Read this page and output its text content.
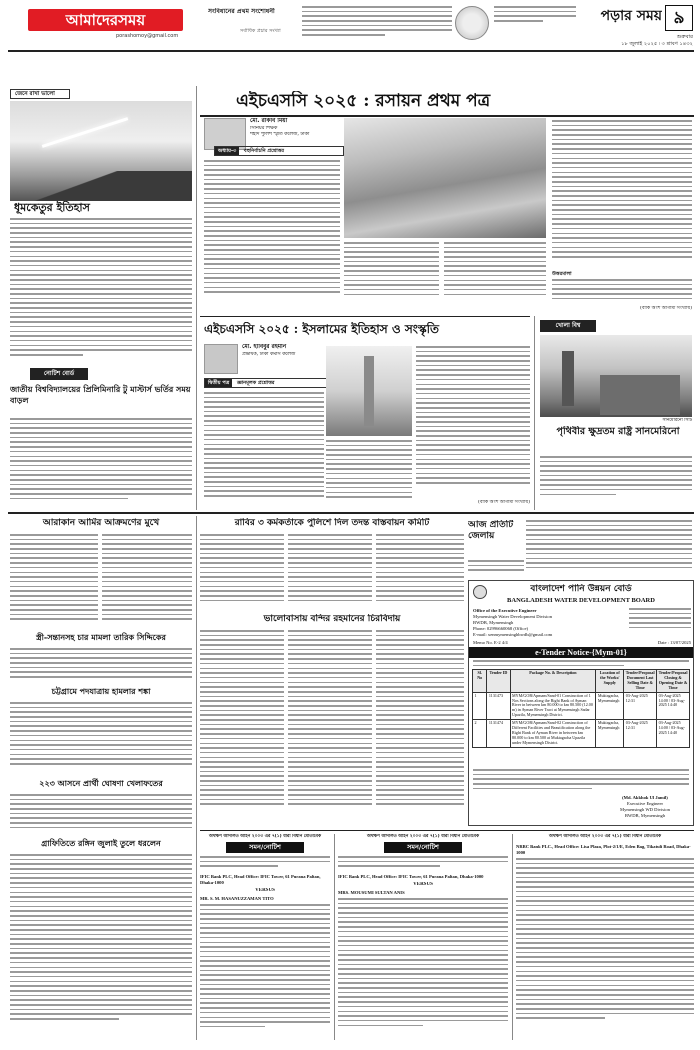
আমাদেরসময়
porashomoy@gmail.com
সংবিধানের প্রথম সংশোধনী
সর্বাধিক প্রচার সংখ্যা
পড়ার সময় ৯
শুক্রবার
১৮ জুলাই ২০২৫ ৷ ৩ শ্রাবণ ১৪৩২
জেনে রাখা ভালো
ধূমকেতুর ইতিহাস
নোটিশ বোর্ড
জাতীয় বিশ্ববিদ্যালয়ের প্রিলিমিনারি টু মাস্টার্স ভর্তির সময় বাড়ল
এইচএসসি ২০২৫ : রসায়ন প্রথম পত্র
মো. রাকীব মিয়া
সিনিয়র শিক্ষক
শহীদ পুলিশ স্মৃতি কলেজ, ঢাকা
অধ্যায়-৩ বহুনির্বাচনি প্রশ্নোত্তর
উত্তরমালা
(বাকি অংশ আগামী সংখ্যায়)
এইচএসসি ২০২৫ : ইসলামের ইতিহাস ও সংস্কৃতি
মো. হাবিবুর রহমান
প্রভাষক, ঢাকা কমার্স কলেজ
দ্বিতীয় পত্র জ্ঞানমূলক প্রশ্নোত্তর
(বাকি অংশ আগামী সংখ্যায়)
খোলা বিশ্ব
সানমেরিনো সিটি
পৃথিবীর ক্ষুদ্রতম রাষ্ট্র সানমেরিনো
আরাকান আর্মির আক্রমণের মুখে
স্ত্রী-সন্তানসহ চার মামলা তারিক সিদ্দিকের
চট্টগ্রামে পদযাত্রায় হামলার শঙ্কা
২২৩ আসনে প্রার্থী ঘোষণা খেলাফতের
গ্রাফিতিতে রঙ্গিন জুলাই তুলে ধরলেন
রাবির ৩ কর্মকর্তাকে পুলিশে দিল তদন্ত বাস্তবায়ন কমিটি	আজ প্রতিটি জেলায়
ভালোবাসায় বন্দির রহমানের চিরবিদায়
বাংলাদেশ পানি উন্নয়ন বোর্ড
BANGLADESH WATER DEVELOPMENT BOARD
Office of the Executive Engineer
Mymensingh Water Development Division
BWDB, Mymensingh
Phone: 02996660068 (Office)
E-mail: xenmymensinghbwdb@gmail.com
Memo No. E-2 4/4	Date : 13/07/2025
e-Tender Notice-{Mym-01}
Sl. No	Tender ID	Package No. & Description	Location of the Works/ Supply	Tender/Proposal Document Last Selling Date & Time	Tender/Proposal Closing & Opening Date & Time
1	1131473	MYM/GOB/Apmam/Sand-01 Construction of 1 Nos Sections along the Right Bank of Ayman River in between km 80.000 to km 80.500 (12.00 m) in Ayman River Tract at Mymensingh Sadar Upazila, Mymensingh District.	Muktagacha, Mymensingh	03-Aug-2025 12:31	03-Aug-2025 14:00 / 03-Aug-2025 14:40
2	1131474	MYM/GOB/Apmam/Sand-02 Construction of Different Facilities and Beautification along the Right Bank of Ayman River in between km 80.000 to km 80.500 at Muktagacha Upazila under Mymensingh District.	Muktagacha, Mymensingh	03-Aug-2025 12:31	03-Aug-2025 14:00 / 03-Aug-2025 14:40
(Md. Akkhok Ul Jamil)
Executive Engineer
Mymensingh WD Division
BWDB, Mymensingh
অর্থঋণ আদালত আইন ২০০৩ এর ৭(১) ধারা বিধান মোতাবেক
সমন/নোটিশ
IFIC Bank PLC, Head Office: IFIC Tower, 61 Purana Paltan, Dhaka-1000
VERSUS
MR. S. M. HASANUZZAMAN TITO
অর্থঋণ আদালত আইন ২০০৩ এর ৭(১) ধারা বিধান মোতাবেক
সমন/নোটিশ
IFIC Bank PLC, Head Office: IFIC Tower, 61 Purana Paltan, Dhaka-1000
VERSUS
MRS. MOUSUMI SULTAN ANIS
অর্থঋণ আদালত আইন ২০০৩ এর ৭(১) ধারা বিধান মোতাবেক
NRBC Bank PLC., Head Office: Lisa Plaza, Plot-2/1/E, Eden Bag, Tikatuli Road, Dhaka-1000
